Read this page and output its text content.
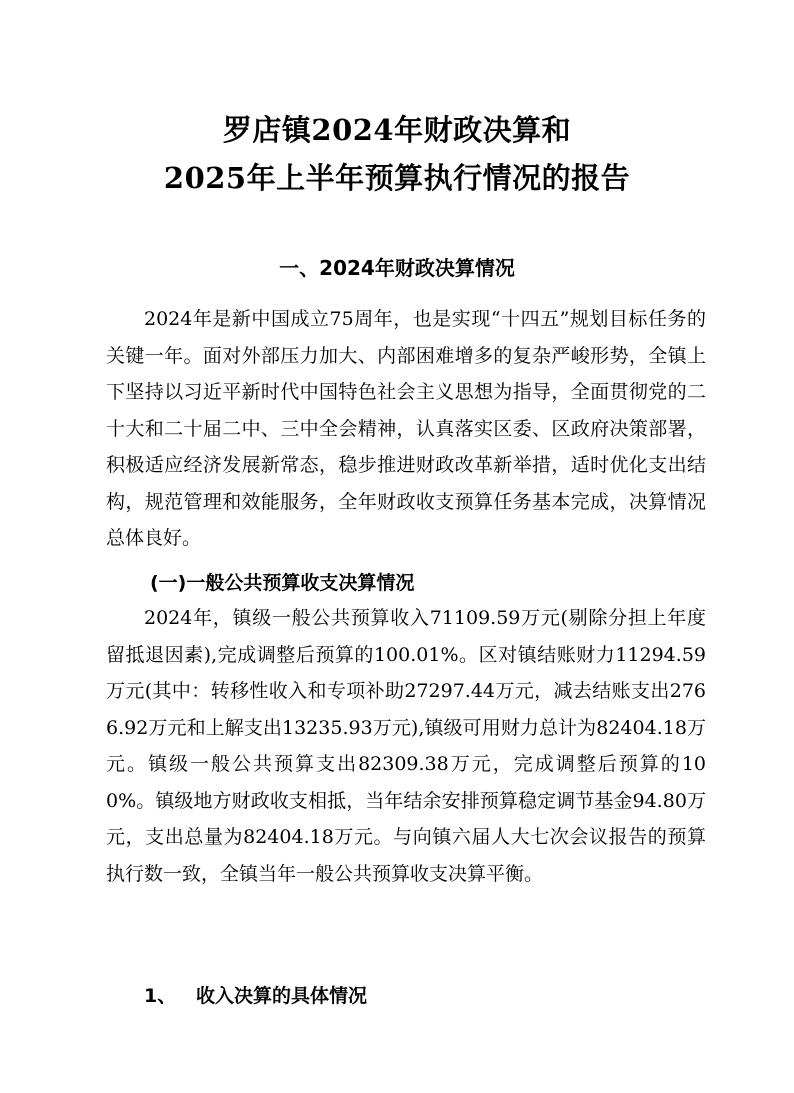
罗店镇2024年财政决算和
2025年上半年预算执行情况的报告
一、2024年财政决算情况
2024年是新中国成立75周年，也是实现“十四五”规划目标任务的关键一年。面对外部压力加大、内部困难增多的复杂严峻形势，全镇上下坚持以习近平新时代中国特色社会主义思想为指导，全面贯彻党的二十大和二十届二中、三中全会精神，认真落实区委、区政府决策部署，积极适应经济发展新常态，稳步推进财政改革新举措，适时优化支出结构，规范管理和效能服务，全年财政收支预算任务基本完成，决算情况总体良好。
(一)一般公共预算收支决算情况
2024年，镇级一般公共预算收入71109.59万元(剔除分担上年度留抵退因素),完成调整后预算的100.01%。区对镇结账财力11294.59万元(其中：转移性收入和专项补助27297.44万元，减去结账支出2766.92万元和上解支出13235.93万元),镇级可用财力总计为82404.18万元。镇级一般公共预算支出82309.38万元，完成调整后预算的100%。镇级地方财政收支相抵，当年结余安排预算稳定调节基金94.80万元，支出总量为82404.18万元。与向镇六届人大七次会议报告的预算执行数一致，全镇当年一般公共预算收支决算平衡。
1、 收入决算的具体情况
